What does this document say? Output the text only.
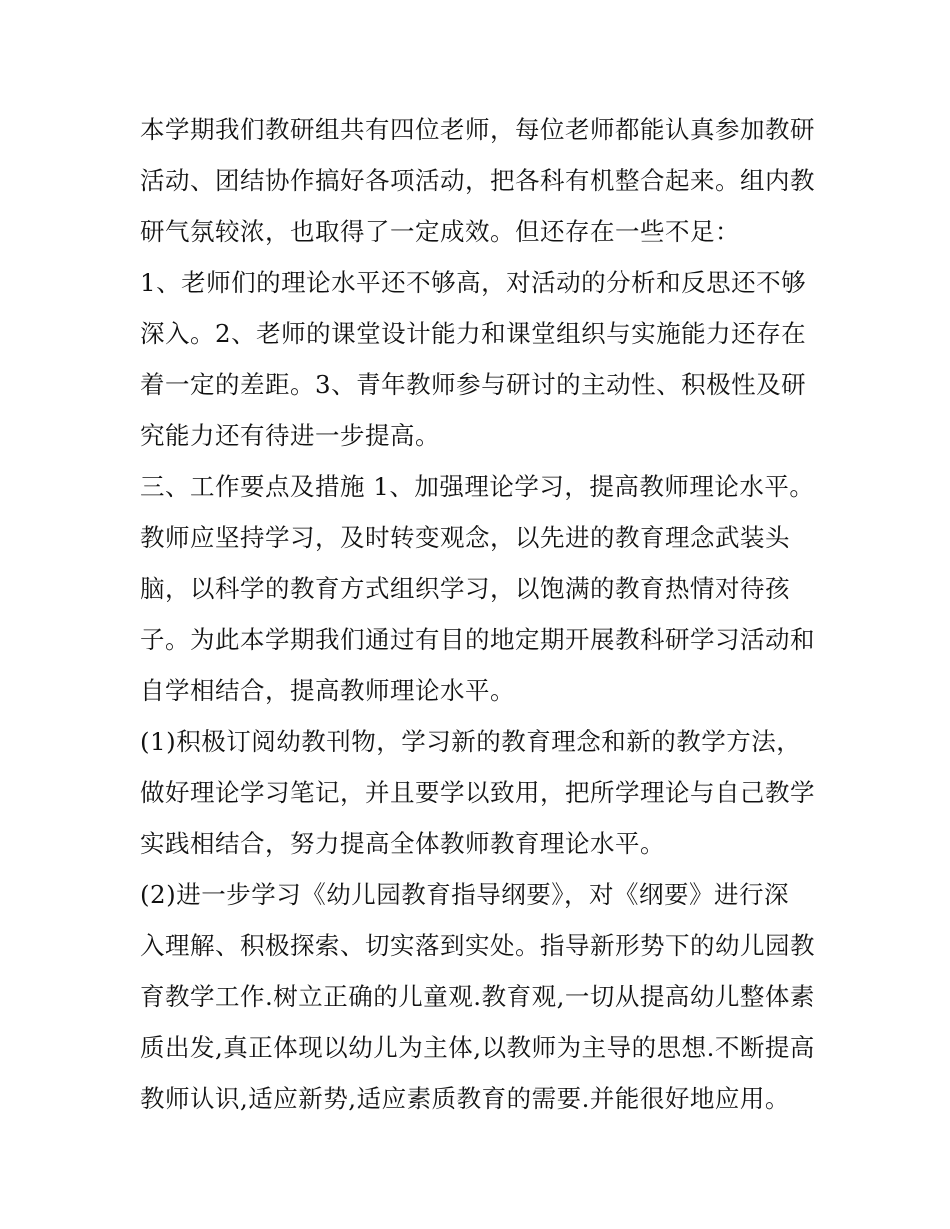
本学期我们教研组共有四位老师，每位老师都能认真参加教研
活动、团结协作搞好各项活动，把各科有机整合起来。组内教
研气氛较浓，也取得了一定成效。但还存在一些不足：
1、老师们的理论水平还不够高，对活动的分析和反思还不够
深入。2、老师的课堂设计能力和课堂组织与实施能力还存在
着一定的差距。3、青年教师参与研讨的主动性、积极性及研
究能力还有待进一步提高。
三、工作要点及措施 1、加强理论学习，提高教师理论水平。
教师应坚持学习，及时转变观念，以先进的教育理念武装头
脑，以科学的教育方式组织学习，以饱满的教育热情对待孩
子。为此本学期我们通过有目的地定期开展教科研学习活动和
自学相结合，提高教师理论水平。
(1)积极订阅幼教刊物，学习新的教育理念和新的教学方法，
做好理论学习笔记，并且要学以致用，把所学理论与自己教学
实践相结合，努力提高全体教师教育理论水平。
(2)进一步学习《幼儿园教育指导纲要》，对《纲要》进行深
入理解、积极探索、切实落到实处。指导新形势下的幼儿园教
育教学工作.树立正确的儿童观.教育观,一切从提高幼儿整体素
质出发,真正体现以幼儿为主体,以教师为主导的思想.不断提高
教师认识,适应新势,适应素质教育的需要.并能很好地应用。
